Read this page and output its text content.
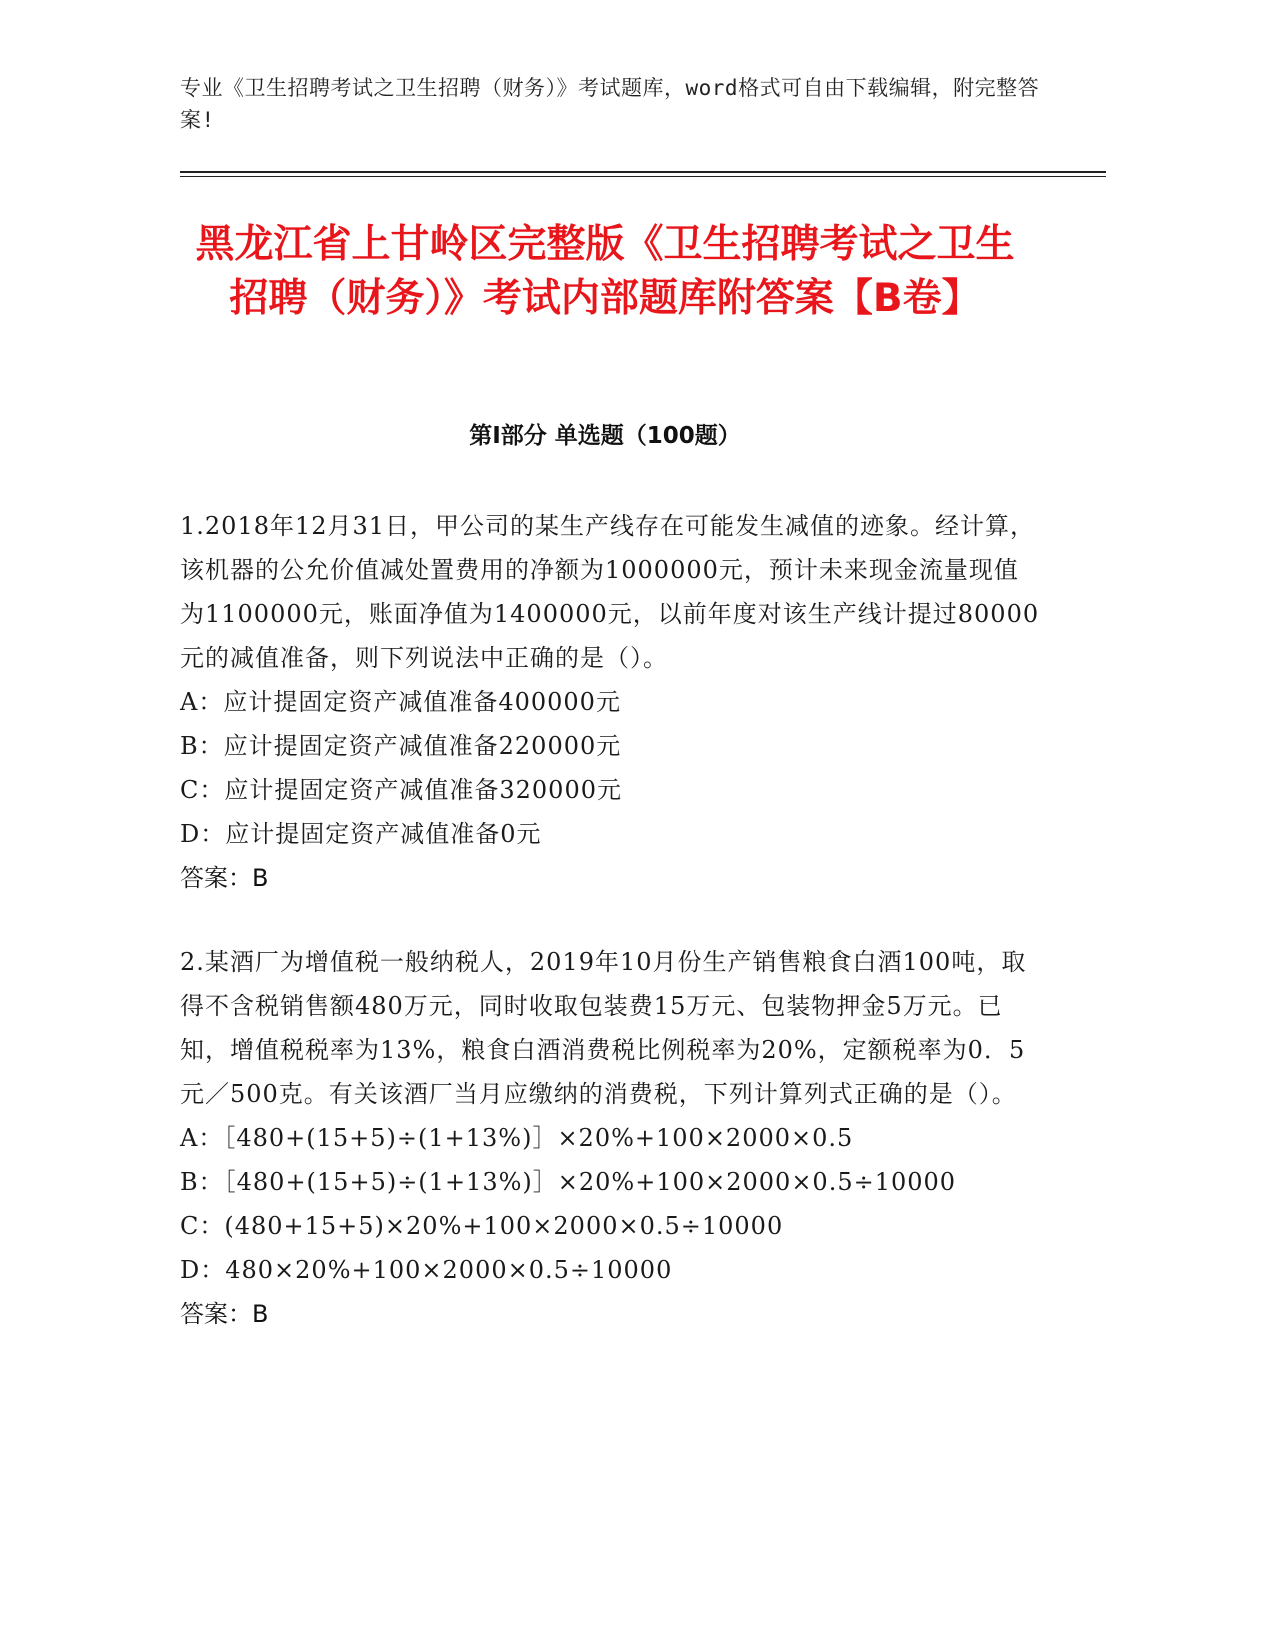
专业《卫生招聘考试之卫生招聘（财务）》考试题库，word格式可自由下载编辑，附完整答案!
黑龙江省上甘岭区完整版《卫生招聘考试之卫生招聘（财务）》考试内部题库附答案【B卷】
第I部分 单选题（100题）

1.2018年12月31日，甲公司的某生产线存在可能发生减值的迹象。经计算，该机器的公允价值减处置费用的净额为1000000元，预计未来现金流量现值为1100000元，账面净值为1400000元，以前年度对该生产线计提过80000元的减值准备，则下列说法中正确的是（）。

A：应计提固定资产减值准备400000元

B：应计提固定资产减值准备220000元

C：应计提固定资产减值准备320000元

D：应计提固定资产减值准备0元

答案：B

2.某酒厂为增值税一般纳税人，2019年10月份生产销售粮食白酒100吨，取得不含税销售额480万元，同时收取包装费15万元、包装物押金5万元。已知，增值税税率为13%，粮食白酒消费税比例税率为20%，定额税率为0．5元／500克。有关该酒厂当月应缴纳的消费税，下列计算列式正确的是（）。

A：［480+(15+5)÷(1+13%)］×20%+100×2000×0.5

B：［480+(15+5)÷(1+13%)］×20%+100×2000×0.5÷10000

C：(480+15+5)×20%+100×2000×0.5÷10000

D：480×20%+100×2000×0.5÷10000

答案：B
